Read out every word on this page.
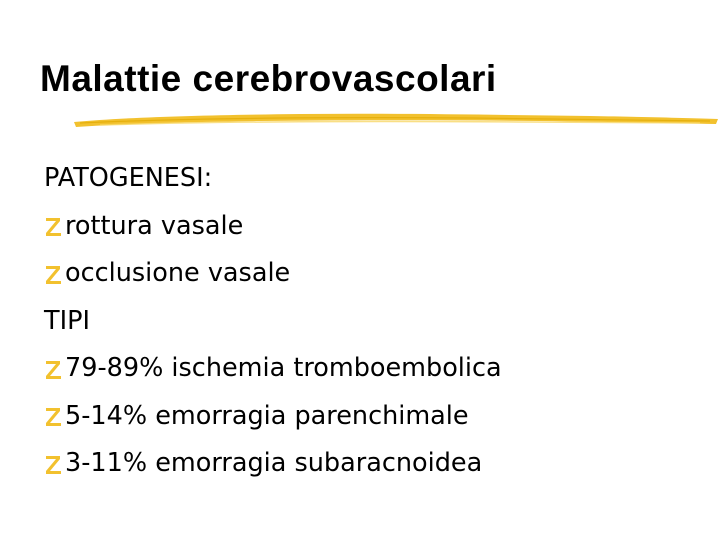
Malattie cerebrovascolari
PATOGENESI:
rottura vasale
occlusione vasale
TIPI
79-89% ischemia tromboembolica
5-14% emorragia parenchimale
3-11% emorragia subaracnoidea
